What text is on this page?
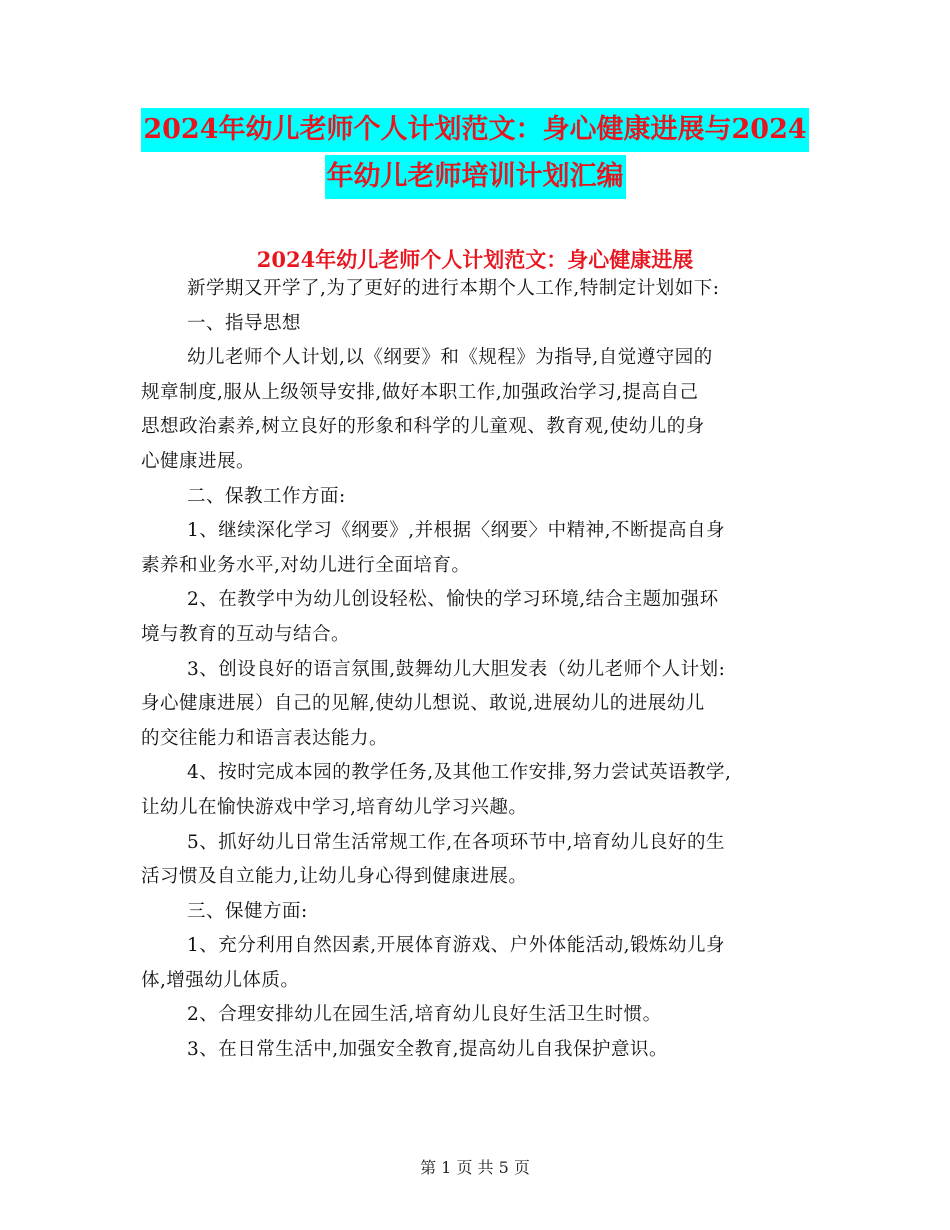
2024年幼儿老师个人计划范文：身心健康进展与2024
年幼儿老师培训计划汇编
2024年幼儿老师个人计划范文：身心健康进展

新学期又开学了,为了更好的进行本期个人工作,特制定计划如下:

一、指导思想

幼儿老师个人计划,以《纲要》和《规程》为指导,自觉遵守园的

规章制度,服从上级领导安排,做好本职工作,加强政治学习,提高自己

思想政治素养,树立良好的形象和科学的儿童观、教育观,使幼儿的身

心健康进展。

二、保教工作方面:

1、继续深化学习《纲要》,并根据〈纲要〉中精神,不断提高自身

素养和业务水平,对幼儿进行全面培育。

2、在教学中为幼儿创设轻松、愉快的学习环境,结合主题加强环

境与教育的互动与结合。

3、创设良好的语言氛围,鼓舞幼儿大胆发表（幼儿老师个人计划:

身心健康进展）自己的见解,使幼儿想说、敢说,进展幼儿的进展幼儿

的交往能力和语言表达能力。

4、按时完成本园的教学任务,及其他工作安排,努力尝试英语教学,

让幼儿在愉快游戏中学习,培育幼儿学习兴趣。

5、抓好幼儿日常生活常规工作,在各项环节中,培育幼儿良好的生

活习惯及自立能力,让幼儿身心得到健康进展。

三、保健方面:

1、充分利用自然因素,开展体育游戏、户外体能活动,锻炼幼儿身

体,增强幼儿体质。

2、合理安排幼儿在园生活,培育幼儿良好生活卫生时惯。

3、在日常生活中,加强安全教育,提高幼儿自我保护意识。

第 1 页 共 5 页
